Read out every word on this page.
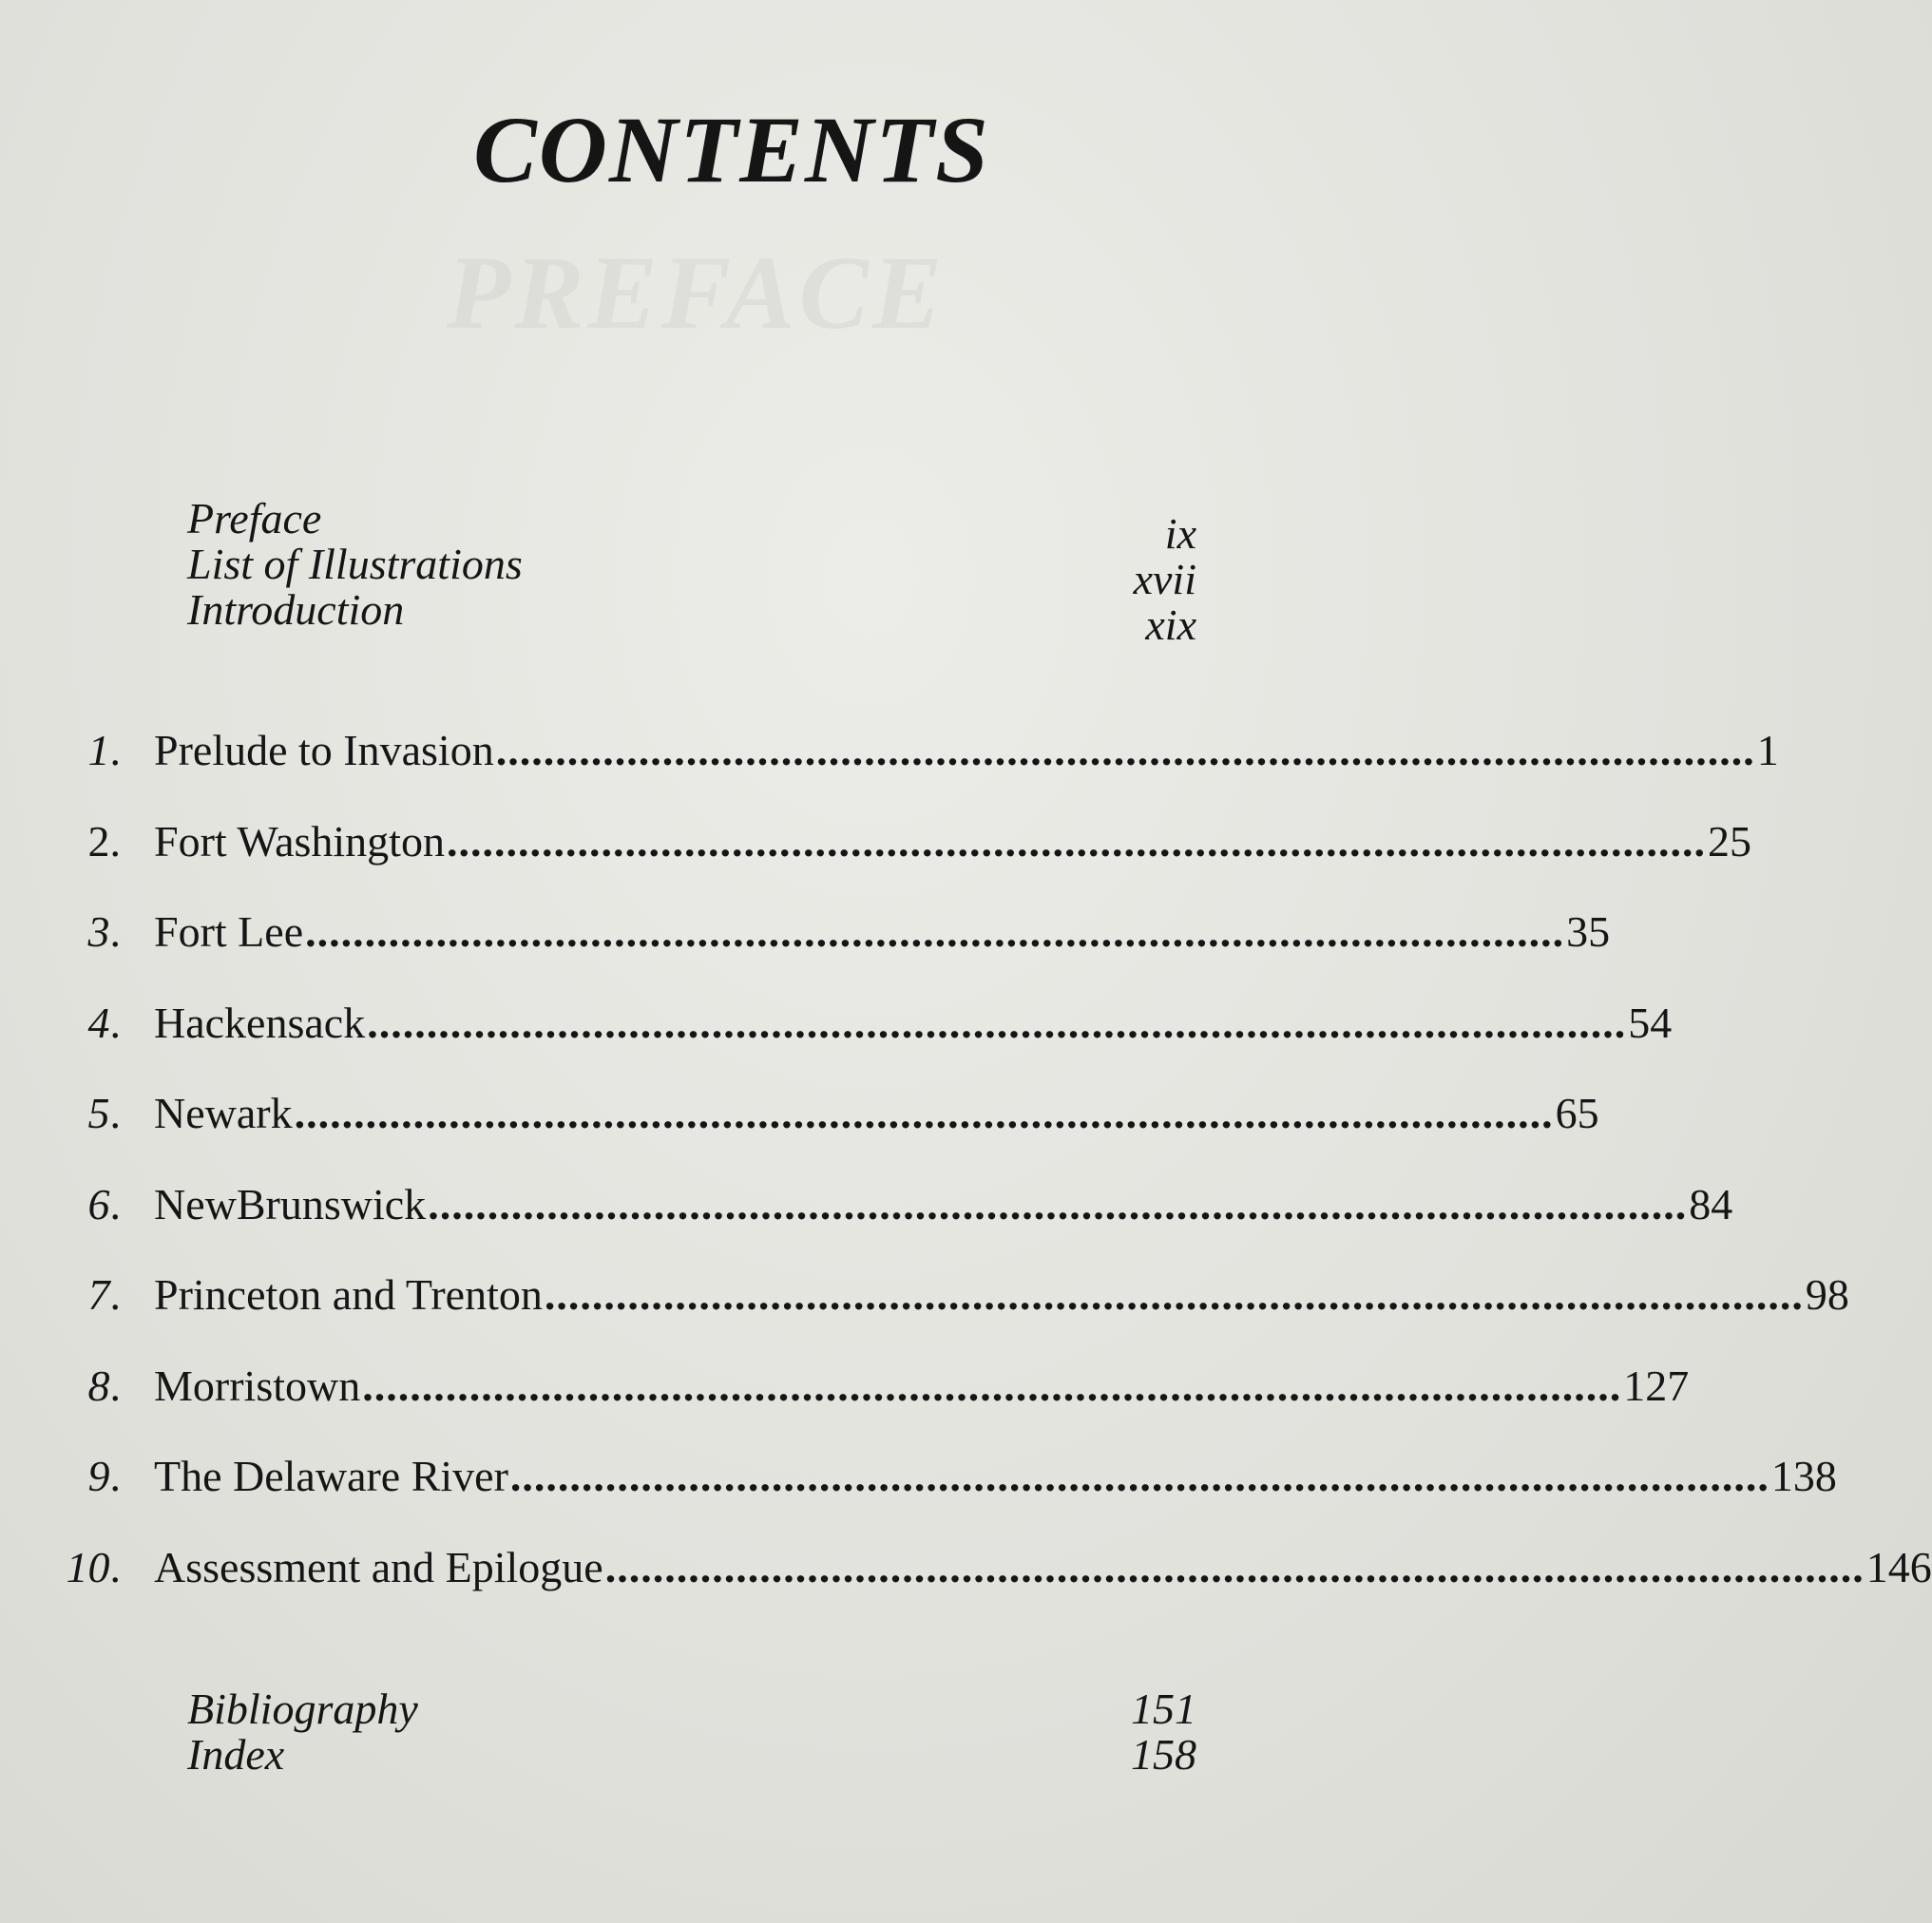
CONTENTS
Preface	ix
List of Illustrations	xvii
Introduction	xix
1. Prelude to Invasion .......................................................................................................... 1
2. Fort Washington .......................................................................................................... 25
3. Fort Lee .......................................................................................................... 35
4. Hackensack .......................................................................................................... 54
5. Newark .......................................................................................................... 65
6. NewBrunswick .......................................................................................................... 84
7. Princeton and Trenton .......................................................................................................... 98
8. Morristown .......................................................................................................... 127
9. The Delaware River .......................................................................................................... 138
10. Assessment and Epilogue .......................................................................................................... 146
Bibliography	151
Index	158
